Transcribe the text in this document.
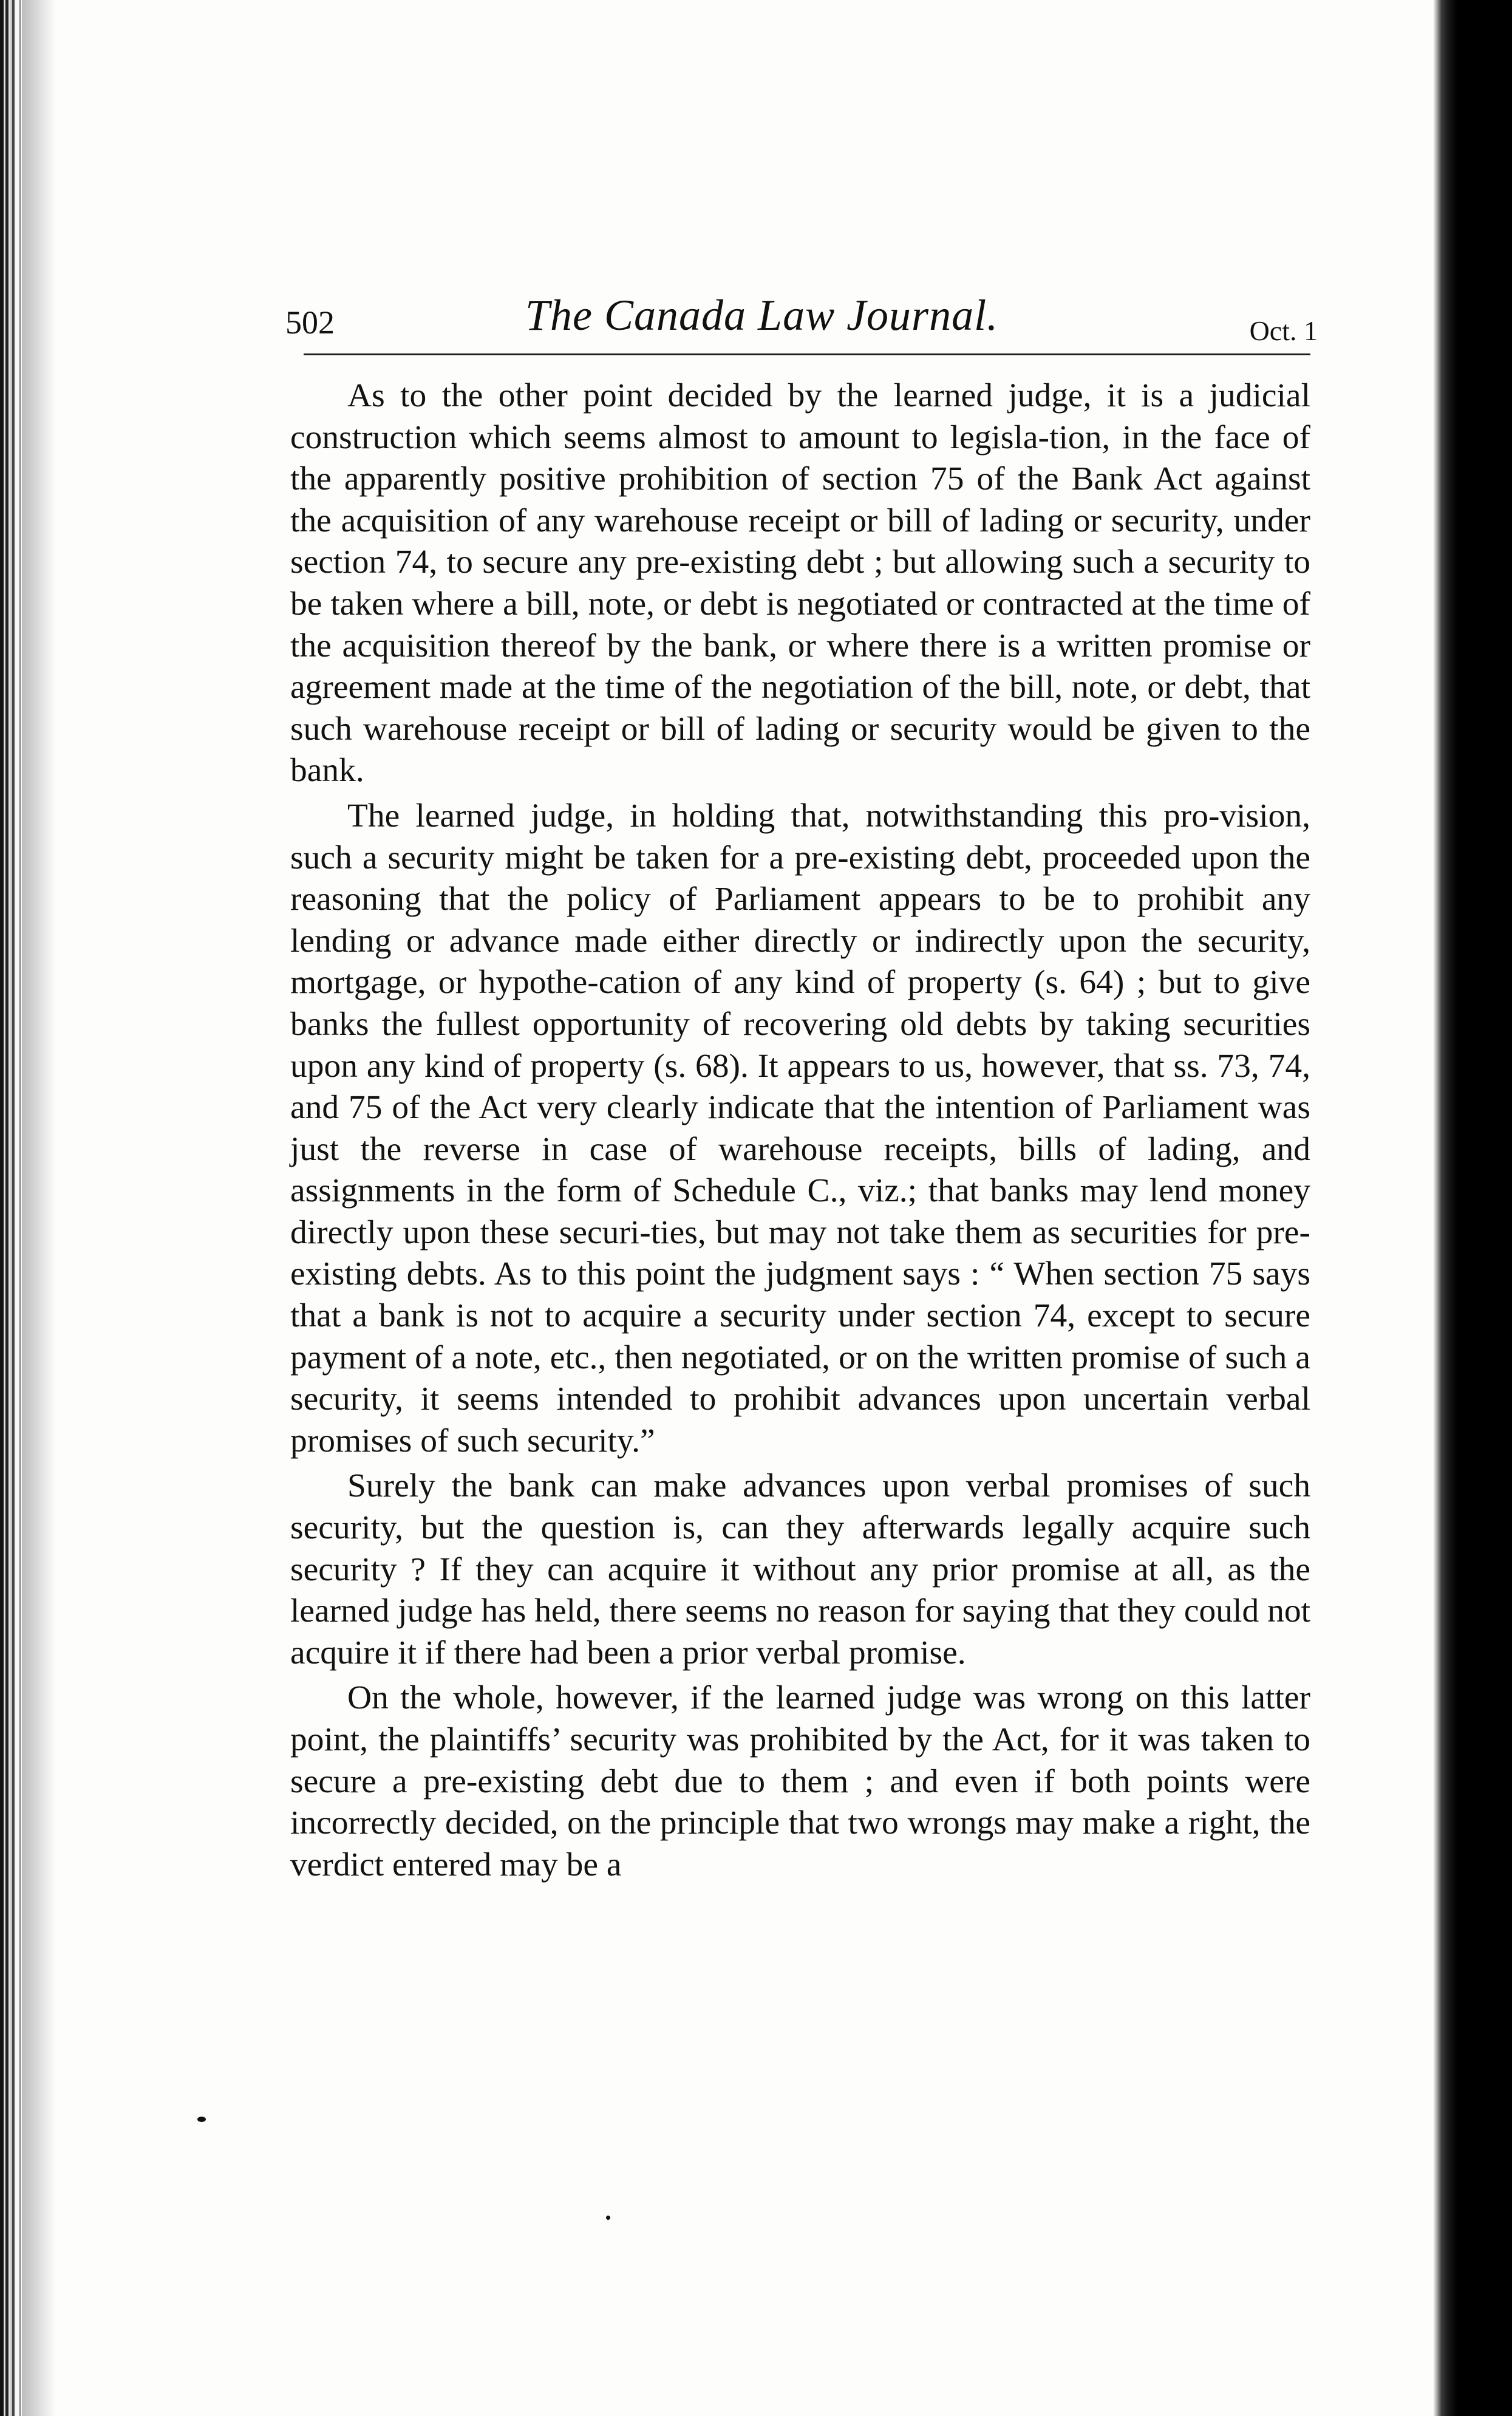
502	The Canada Law Journal.	Oct. 1

As to the other point decided by the learned judge, it is a judicial construction which seems almost to amount to legisla-tion, in the face of the apparently positive prohibition of section 75 of the Bank Act against the acquisition of any warehouse receipt or bill of lading or security, under section 74, to secure any pre-existing debt ; but allowing such a security to be taken where a bill, note, or debt is negotiated or contracted at the time of the acquisition thereof by the bank, or where there is a written promise or agreement made at the time of the negotiation of the bill, note, or debt, that such warehouse receipt or bill of lading or security would be given to the bank.

The learned judge, in holding that, notwithstanding this pro-vision, such a security might be taken for a pre-existing debt, proceeded upon the reasoning that the policy of Parliament appears to be to prohibit any lending or advance made either directly or indirectly upon the security, mortgage, or hypothe-cation of any kind of property (s. 64) ; but to give banks the fullest opportunity of recovering old debts by taking securities upon any kind of property (s. 68). It appears to us, however, that ss. 73, 74, and 75 of the Act very clearly indicate that the intention of Parliament was just the reverse in case of warehouse receipts, bills of lading, and assignments in the form of Schedule C., viz.; that banks may lend money directly upon these securi-ties, but may not take them as securities for pre-existing debts. As to this point the judgment says : “ When section 75 says that a bank is not to acquire a security under section 74, except to secure payment of a note, etc., then negotiated, or on the written promise of such a security, it seems intended to prohibit advances upon uncertain verbal promises of such security.”

Surely the bank can make advances upon verbal promises of such security, but the question is, can they afterwards legally acquire such security ? If they can acquire it without any prior promise at all, as the learned judge has held, there seems no reason for saying that they could not acquire it if there had been a prior verbal promise.

On the whole, however, if the learned judge was wrong on this latter point, the plaintiffs’ security was prohibited by the Act, for it was taken to secure a pre-existing debt due to them ; and even if both points were incorrectly decided, on the principle that two wrongs may make a right, the verdict entered may be a
